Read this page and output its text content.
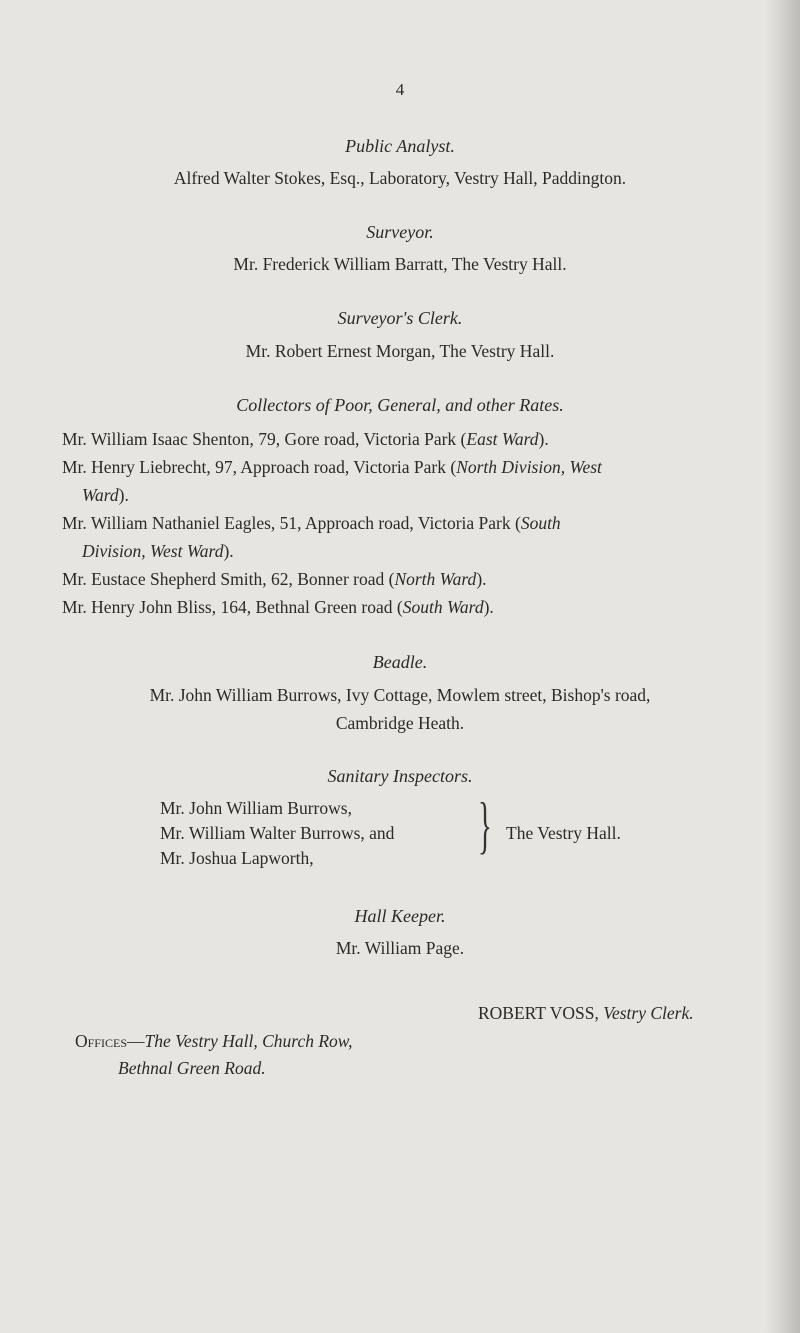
4
Public Analyst.
Alfred Walter Stokes, Esq., Laboratory, Vestry Hall, Paddington.
Surveyor.
Mr. Frederick William Barratt, The Vestry Hall.
Surveyor's Clerk.
Mr. Robert Ernest Morgan, The Vestry Hall.
Collectors of Poor, General, and other Rates.
Mr. William Isaac Shenton, 79, Gore road, Victoria Park (East Ward).
Mr. Henry Liebrecht, 97, Approach road, Victoria Park (North Division, West
Ward).
Mr. William Nathaniel Eagles, 51, Approach road, Victoria Park (South
Division, West Ward).
Mr. Eustace Shepherd Smith, 62, Bonner road (North Ward).
Mr. Henry John Bliss, 164, Bethnal Green road (South Ward).
Beadle.
Mr. John William Burrows, Ivy Cottage, Mowlem street, Bishop's road,
Cambridge Heath.
Sanitary Inspectors.
Mr. John William Burrows,
Mr. William Walter Burrows, and
Mr. Joshua Lapworth,	} The Vestry Hall.
Hall Keeper.
Mr. William Page.
ROBERT VOSS, Vestry Clerk.
Offices—The Vestry Hall, Church Row,
Bethnal Green Road.
